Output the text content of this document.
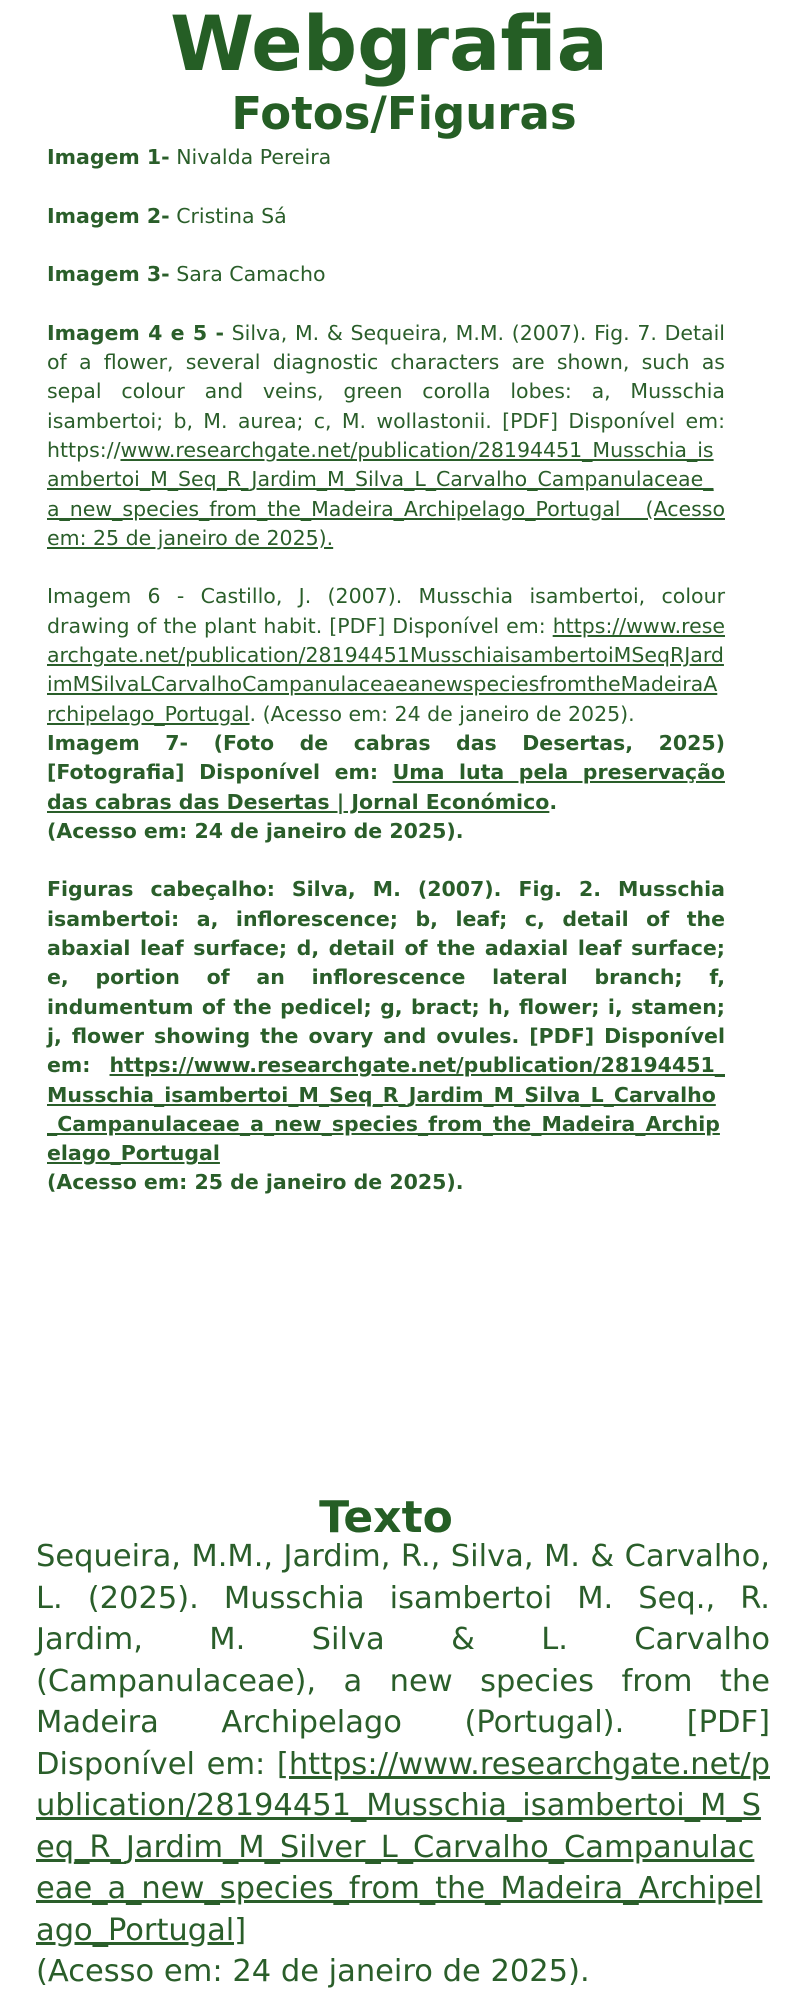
Webgrafia
Fotos/Figuras

Imagem 1- Nivalda Pereira

Imagem 2- Cristina Sá

Imagem 3- Sara Camacho

Imagem 4 e 5 - Silva, M. & Sequeira, M.M. (2007). Fig. 7. Detail of a flower, several diagnostic characters are shown, such as sepal colour and veins, green corolla lobes: a, Musschia isambertoi; b, M. aurea; c, M. wollastonii. [PDF] Disponível em: https://www.researchgate.net/publication/28194451_Musschia_isambertoi_M_Seq_R_Jardim_M_Silva_L_Carvalho_Campanulaceae_a_new_species_from_the_Madeira_Archipelago_Portugal (Acesso em: 25 de janeiro de 2025).

Imagem 6 - Castillo, J. (2007). Musschia isambertoi, colour drawing of the plant habit. [PDF] Disponível em: https://www.researchgate.net/publication/28194451MusschiaisambertoiMSeqRJardimMSilvaLCarvalhoCampanulaceaeanewspeciesfromtheMadeiraArchipelago_Portugal. (Acesso em: 24 de janeiro de 2025).

Imagem 7- (Foto de cabras das Desertas, 2025) [Fotografia] Disponível em: Uma luta pela preservação das cabras das Desertas | Jornal Económico.
(Acesso em: 24 de janeiro de 2025).

Figuras cabeçalho: Silva, M. (2007). Fig. 2. Musschia isambertoi: a, inflorescence; b, leaf; c, detail of the abaxial leaf surface; d, detail of the adaxial leaf surface; e, portion of an inflorescence lateral branch; f, indumentum of the pedicel; g, bract; h, flower; i, stamen; j, flower showing the ovary and ovules. [PDF] Disponível em: https://www.researchgate.net/publication/28194451_Musschia_isambertoi_M_Seq_R_Jardim_M_Silva_L_Carvalho_Campanulaceae_a_new_species_from_the_Madeira_Archipelago_Portugal
(Acesso em: 25 de janeiro de 2025).

Texto

Sequeira, M.M., Jardim, R., Silva, M. & Carvalho, L. (2025). Musschia isambertoi M. Seq., R. Jardim, M. Silva & L. Carvalho (Campanulaceae), a new species from the Madeira Archipelago (Portugal). [PDF] Disponível em: [https://www.researchgate.net/publication/28194451_Musschia_isambertoi_M_Seq_R_Jardim_M_Silver_L_Carvalho_Campanulaceae_a_new_species_from_the_Madeira_Archipelago_Portugal]
(Acesso em: 24 de janeiro de 2025).
